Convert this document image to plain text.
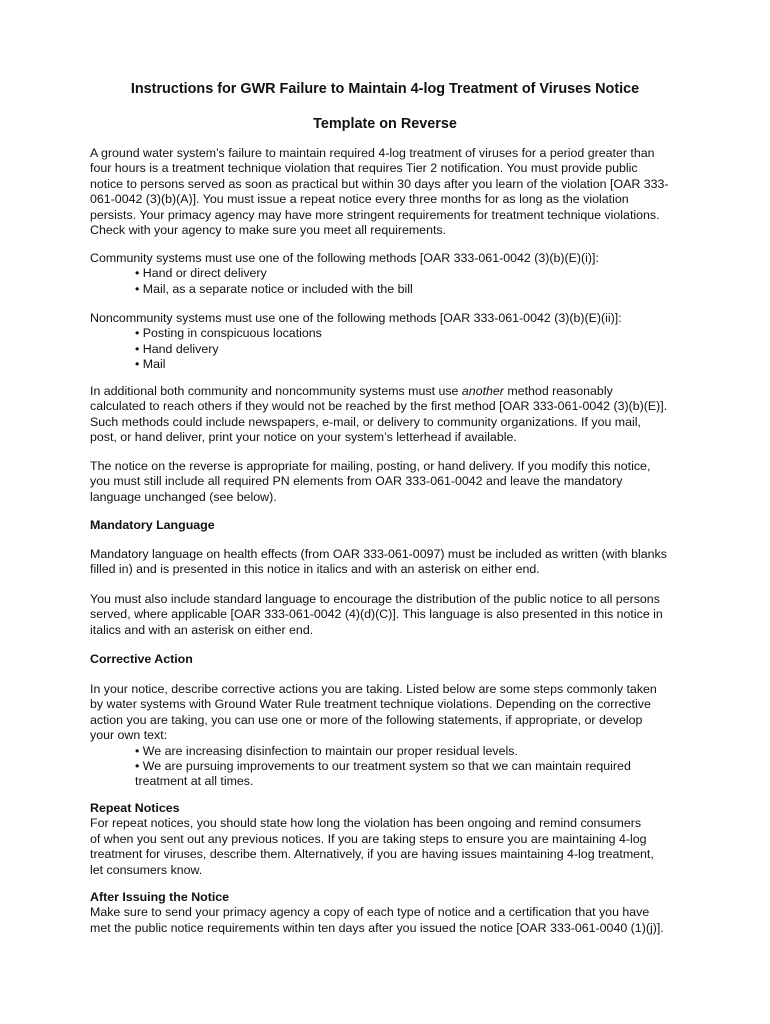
Instructions for GWR Failure to Maintain 4-log Treatment of Viruses Notice
Template on Reverse
A ground water system’s failure to maintain required 4-log treatment of viruses for a period greater than
four hours is a treatment technique violation that requires Tier 2 notification. You must provide public
notice to persons served as soon as practical but within 30 days after you learn of the violation [OAR 333-
061-0042 (3)(b)(A)]. You must issue a repeat notice every three months for as long as the violation
persists. Your primacy agency may have more stringent requirements for treatment technique violations.
Check with your agency to make sure you meet all requirements.
Community systems must use one of the following methods [OAR 333-061-0042 (3)(b)(E)(i)]:
• Hand or direct delivery
• Mail, as a separate notice or included with the bill
Noncommunity systems must use one of the following methods [OAR 333-061-0042 (3)(b)(E)(ii)]:
• Posting in conspicuous locations
• Hand delivery
• Mail
In additional both community and noncommunity systems must use another method reasonably
calculated to reach others if they would not be reached by the first method [OAR 333-061-0042 (3)(b)(E)].
Such methods could include newspapers, e-mail, or delivery to community organizations. If you mail,
post, or hand deliver, print your notice on your system’s letterhead if available.
The notice on the reverse is appropriate for mailing, posting, or hand delivery. If you modify this notice,
you must still include all required PN elements from OAR 333-061-0042 and leave the mandatory
language unchanged (see below).
Mandatory Language
Mandatory language on health effects (from OAR 333-061-0097) must be included as written (with blanks
filled in) and is presented in this notice in italics and with an asterisk on either end.
You must also include standard language to encourage the distribution of the public notice to all persons
served, where applicable [OAR 333-061-0042 (4)(d)(C)]. This language is also presented in this notice in
italics and with an asterisk on either end.
Corrective Action
In your notice, describe corrective actions you are taking. Listed below are some steps commonly taken
by water systems with Ground Water Rule treatment technique violations. Depending on the corrective
action you are taking, you can use one or more of the following statements, if appropriate, or develop
your own text:
• We are increasing disinfection to maintain our proper residual levels.
• We are pursuing improvements to our treatment system so that we can maintain required
treatment at all times.
Repeat Notices
For repeat notices, you should state how long the violation has been ongoing and remind consumers
of when you sent out any previous notices. If you are taking steps to ensure you are maintaining 4-log
treatment for viruses, describe them. Alternatively, if you are having issues maintaining 4-log treatment,
let consumers know.
After Issuing the Notice
Make sure to send your primacy agency a copy of each type of notice and a certification that you have
met the public notice requirements within ten days after you issued the notice [OAR 333-061-0040 (1)(j)].
